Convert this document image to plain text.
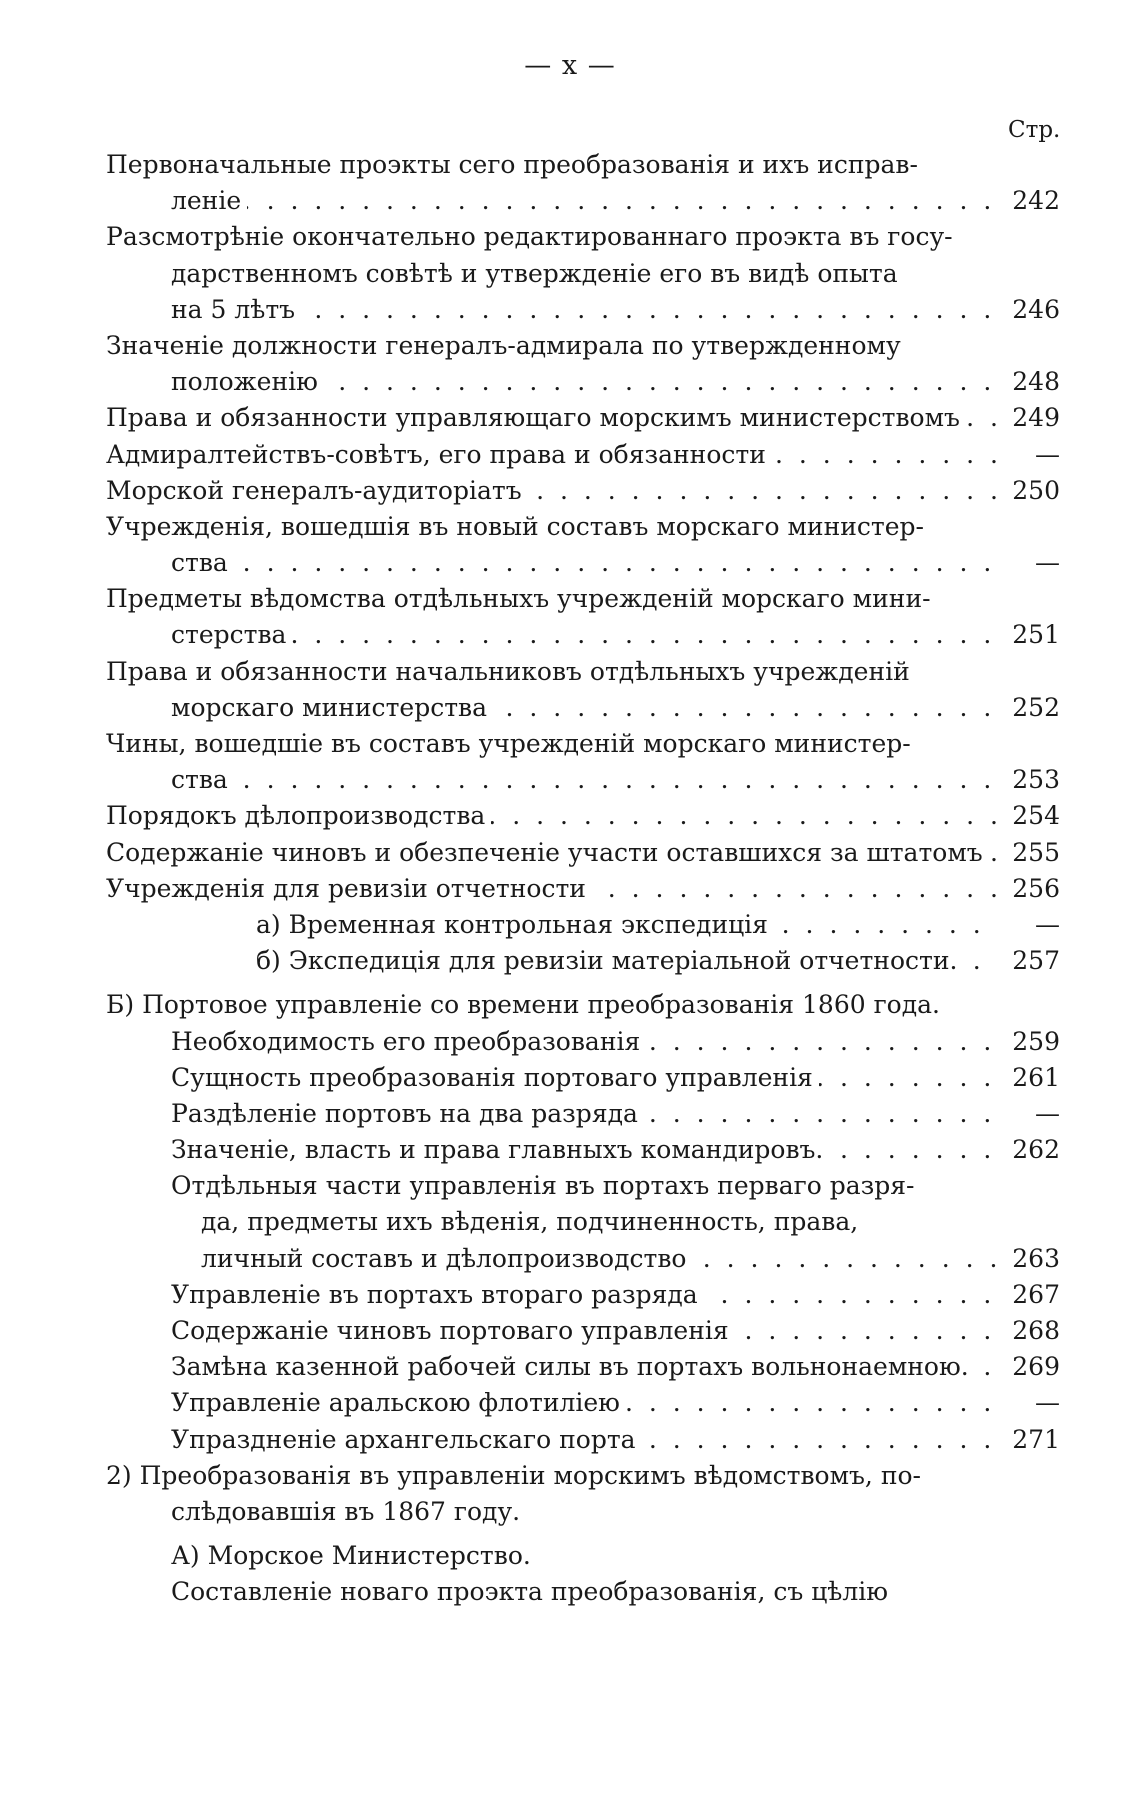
— x —
Стр.
Первоначальные проэкты сего преобразованія и ихъ исправ-
. . . леніе	242
Разсмотрѣніе окончательно редактированнаго проэкта въ госу-
дарственномъ совѣтѣ и утвержденіе его въ видѣ опыта
. . . на 5 лѣтъ	246
Значеніе должности генералъ-адмирала по утвержденному
. . . положенію	248
. . . Права и обязанности управляющаго морскимъ министерствомъ	249
. . . Адмиралтействъ-совѣтъ, его права и обязанности	—
. . . Морской генералъ-аудиторіатъ	250
Учрежденія, вошедшія въ новый составъ морскаго министер-
. . . ства	—
Предметы вѣдомства отдѣльныхъ учрежденій морскаго мини-
. . . стерства	251
Права и обязанности начальниковъ отдѣльныхъ учрежденій
. . . морскаго министерства	252
Чины, вошедшіе въ составъ учрежденій морскаго министер-
. . . ства	253
. . . Порядокъ дѣлопроизводства	254
. . . Содержаніе чиновъ и обезпеченіе участи оставшихся за штатомъ	255
. . . Учрежденія для ревизіи отчетности	256
. . . а) Временная контрольная экспедиція	—
. . . б) Экспедиція для ревизіи матеріальной отчетности.	257
Б) Портовое управленіе со времени преобразованія 1860 года.
. . . Необходимость его преобразованія	259
. . . Сущность преобразованія портоваго управленія	261
. . . Раздѣленіе портовъ на два разряда	—
. . . Значеніе, власть и права главныхъ командировъ.	262
Отдѣльныя части управленія въ портахъ перваго разря-
да, предметы ихъ вѣденія, подчиненность, права,
. . . личный составъ и дѣлопроизводство	263
. . . Управленіе въ портахъ втораго разряда	267
. . . Содержаніе чиновъ портоваго управленія	268
. . . Замѣна казенной рабочей силы въ портахъ вольнонаемною.	269
. . . Управленіе аральскою флотиліею	—
. . . Упраздненіе архангельскаго порта	271
2) Преобразованія въ управленіи морскимъ вѣдомствомъ, по-
слѣдовавшія въ 1867 году.
А) Морское Министерство.
Составленіе новаго проэкта преобразованія, съ цѣлію
